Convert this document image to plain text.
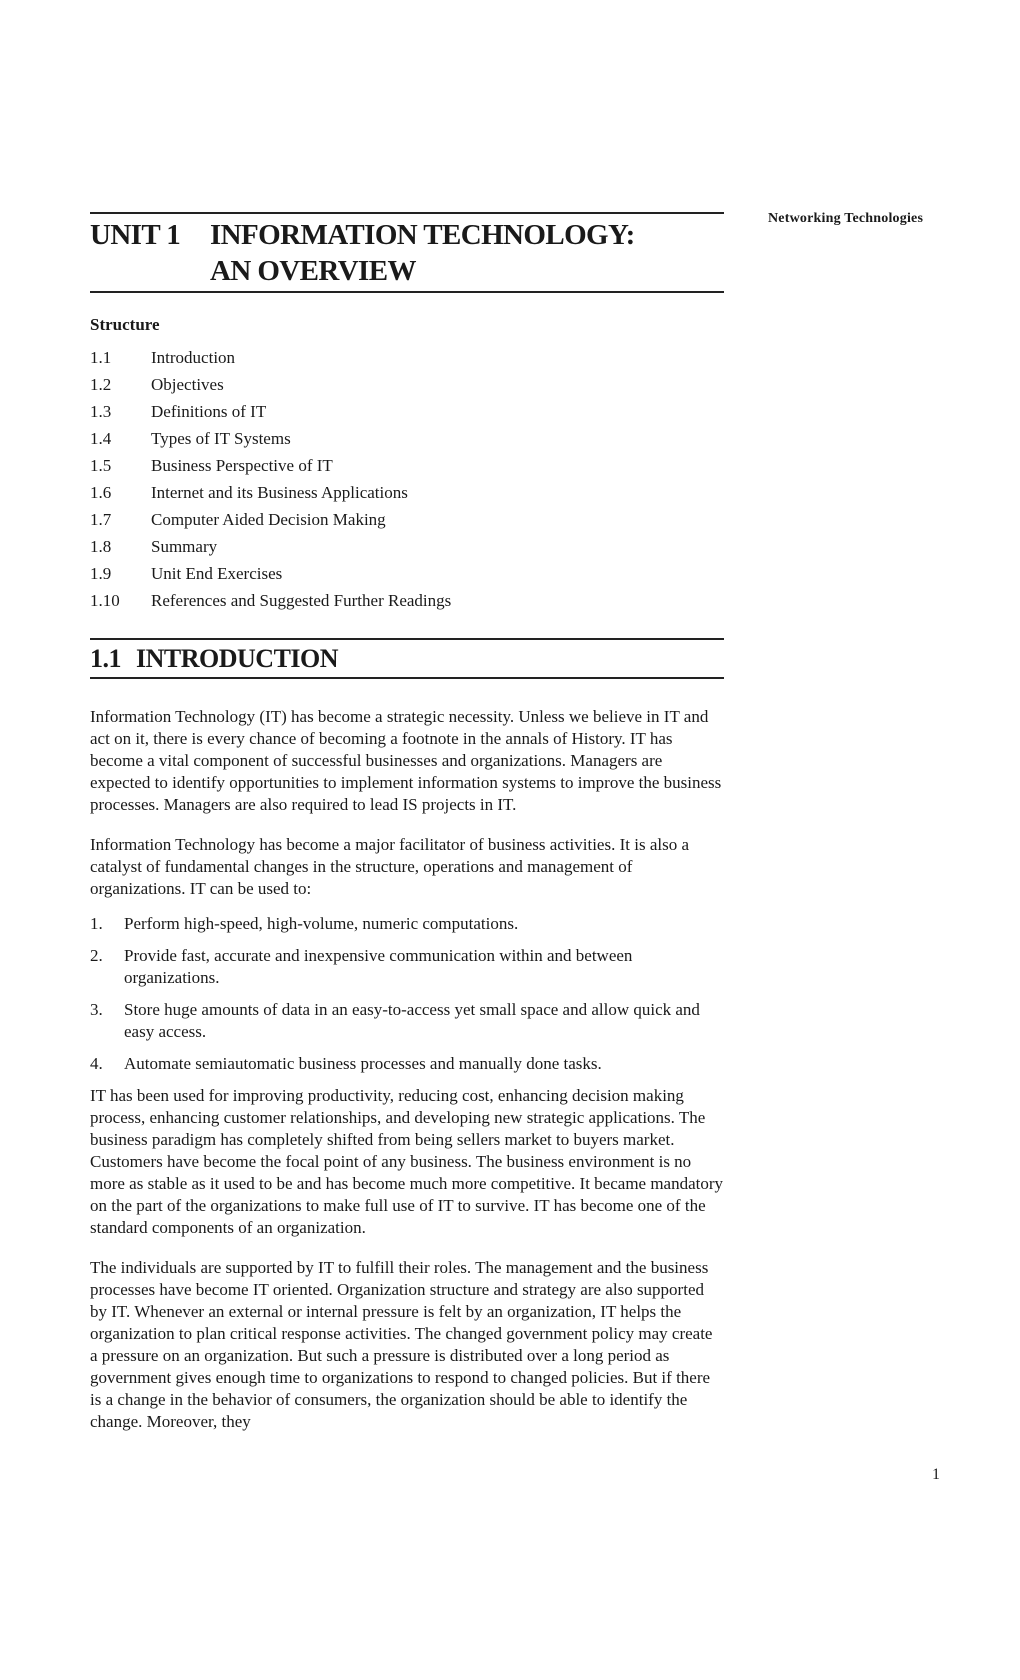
Networking Technologies
UNIT 1	INFORMATION TECHNOLOGY:
AN OVERVIEW
Structure
1.1	Introduction
1.2	Objectives
1.3	Definitions of IT
1.4	Types of IT Systems
1.5	Business Perspective of IT
1.6	Internet and its Business Applications
1.7	Computer Aided Decision Making
1.8	Summary
1.9	Unit End Exercises
1.10	References and Suggested Further Readings
1.1 INTRODUCTION

Information Technology (IT) has become a strategic necessity. Unless we believe in IT and act on it, there is every chance of becoming a footnote in the annals of History. IT has become a vital component of successful businesses and organizations. Managers are expected to identify opportunities to implement information systems to improve the business processes. Managers are also required to lead IS projects in IT.

Information Technology has become a major facilitator of business activities. It is also a catalyst of fundamental changes in the structure, operations and management of organizations. IT can be used to:

1.	Perform high-speed, high-volume, numeric computations.
2.	Provide fast, accurate and inexpensive communication within and between organizations.
3.	Store huge amounts of data in an easy-to-access yet small space and allow quick and easy access.
4.	Automate semiautomatic business processes and manually done tasks.

IT has been used for improving productivity, reducing cost, enhancing decision making process, enhancing customer relationships, and developing new strategic applications. The business paradigm has completely shifted from being sellers market to buyers market. Customers have become the focal point of any business. The business environment is no more as stable as it used to be and has become much more competitive. It became mandatory on the part of the organizations to make full use of IT to survive. IT has become one of the standard components of an organization.

The individuals are supported by IT to fulfill their roles. The management and the business processes have become IT oriented. Organization structure and strategy are also supported by IT. Whenever an external or internal pressure is felt by an organization, IT helps the organization to plan critical response activities. The changed government policy may create a pressure on an organization. But such a pressure is distributed over a long period as government gives enough time to organizations to respond to changed policies. But if there is a change in the behavior of consumers, the organization should be able to identify the change. Moreover, they

1
